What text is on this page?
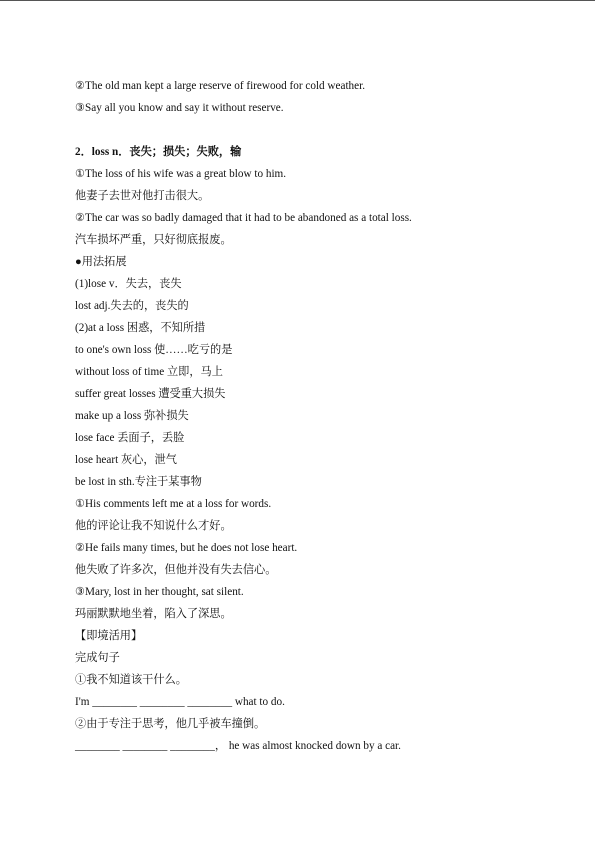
②The old man kept a large reserve of firewood for cold weather.
③Say all you know and say it without reserve.
2．loss n．丧失；损失；失败，输
①The loss of his wife was a great blow to him.
他妻子去世对他打击很大。
②The car was so badly damaged that it had to be abandoned as a total loss.
汽车损坏严重，只好彻底报废。
●用法拓展
(1)lose v．失去，丧失
lost adj.失去的，丧失的
(2)at a loss 困惑，不知所措
to one's own loss 使……吃亏的是
without loss of time 立即，马上
suffer great losses 遭受重大损失
make up a loss 弥补损失
lose face 丢面子，丢脸
lose heart 灰心，泄气
be lost in sth.专注于某事物
①His comments left me at a loss for words.
他的评论让我不知说什么才好。
②He fails many times, but he does not lose heart.
他失败了许多次，但他并没有失去信心。
③Mary, lost in her thought, sat silent.
玛丽默默地坐着，陷入了深思。
【即境活用】
完成句子
①我不知道该干什么。
I'm ________ ________ ________ what to do.
②由于专注于思考，他几乎被车撞倒。
________ ________ ________， he was almost knocked down by a car.
